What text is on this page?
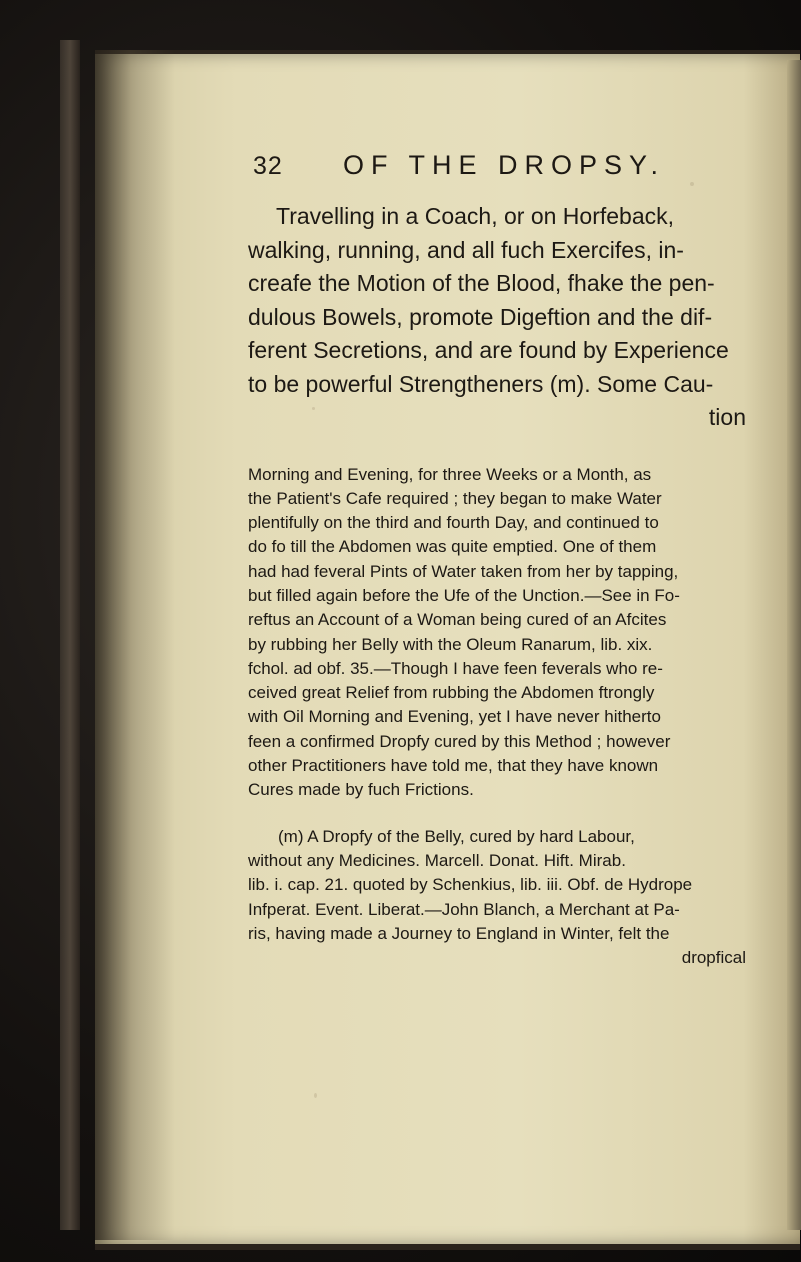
32	OF THE DROPSY.
Travelling in a Coach, or on Horfeback,
walking, running, and all fuch Exercifes, in-
creafe the Motion of the Blood, fhake the pen-
dulous Bowels, promote Digeftion and the dif-
ferent Secretions, and are found by Experience
to be powerful Strengtheners (m). Some Cau-
tion
Morning and Evening, for three Weeks or a Month, as
the Patient's Cafe required ; they began to make Water
plentifully on the third and fourth Day, and continued to
do fo till the Abdomen was quite emptied. One of them
had had feveral Pints of Water taken from her by tapping,
but filled again before the Ufe of the Unction.—See in Fo-
reftus an Account of a Woman being cured of an Afcites
by rubbing her Belly with the Oleum Ranarum, lib. xix.
fchol. ad obf. 35.—Though I have feen feverals who re-
ceived great Relief from rubbing the Abdomen ftrongly
with Oil Morning and Evening, yet I have never hitherto
feen a confirmed Dropfy cured by this Method ; however
other Practitioners have told me, that they have known
Cures made by fuch Frictions.
(m) A Dropfy of the Belly, cured by hard Labour,
without any Medicines. Marcell. Donat. Hift. Mirab.
lib. i. cap. 21. quoted by Schenkius, lib. iii. Obf. de Hydrope
Infperat. Event. Liberat.—John Blanch, a Merchant at Pa-
ris, having made a Journey to England in Winter, felt the
dropfical
